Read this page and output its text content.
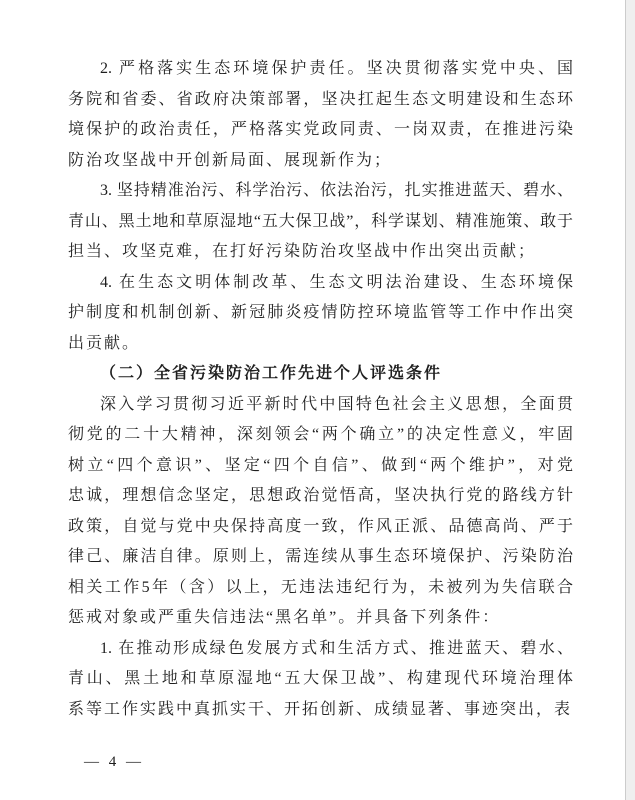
2. 严格落实生态环境保护责任。坚决贯彻落实党中央、国
务院和省委、省政府决策部署，坚决扛起生态文明建设和生态环
境保护的政治责任，严格落实党政同责、一岗双责，在推进污染
防治攻坚战中开创新局面、展现新作为；
3. 坚持精准治污、科学治污、依法治污，扎实推进蓝天、碧水、
青山、黑土地和草原湿地“五大保卫战”，科学谋划、精准施策、敢于
担当、攻坚克难，在打好污染防治攻坚战中作出突出贡献；
4. 在生态文明体制改革、生态文明法治建设、生态环境保
护制度和机制创新、新冠肺炎疫情防控环境监管等工作中作出突
出贡献。
（二）全省污染防治工作先进个人评选条件
深入学习贯彻习近平新时代中国特色社会主义思想，全面贯
彻党的二十大精神，深刻领会“两个确立”的决定性意义，牢固
树立“四个意识”、坚定“四个自信”、做到“两个维护”，对党
忠诚，理想信念坚定，思想政治觉悟高，坚决执行党的路线方针
政策，自觉与党中央保持高度一致，作风正派、品德高尚、严于
律己、廉洁自律。原则上，需连续从事生态环境保护、污染防治
相关工作5年（含）以上，无违法违纪行为，未被列为失信联合
惩戒对象或严重失信违法“黑名单”。并具备下列条件：
1. 在推动形成绿色发展方式和生活方式、推进蓝天、碧水、
青山、黑土地和草原湿地“五大保卫战”、构建现代环境治理体
系等工作实践中真抓实干、开拓创新、成绩显著、事迹突出，表
— 4 —
